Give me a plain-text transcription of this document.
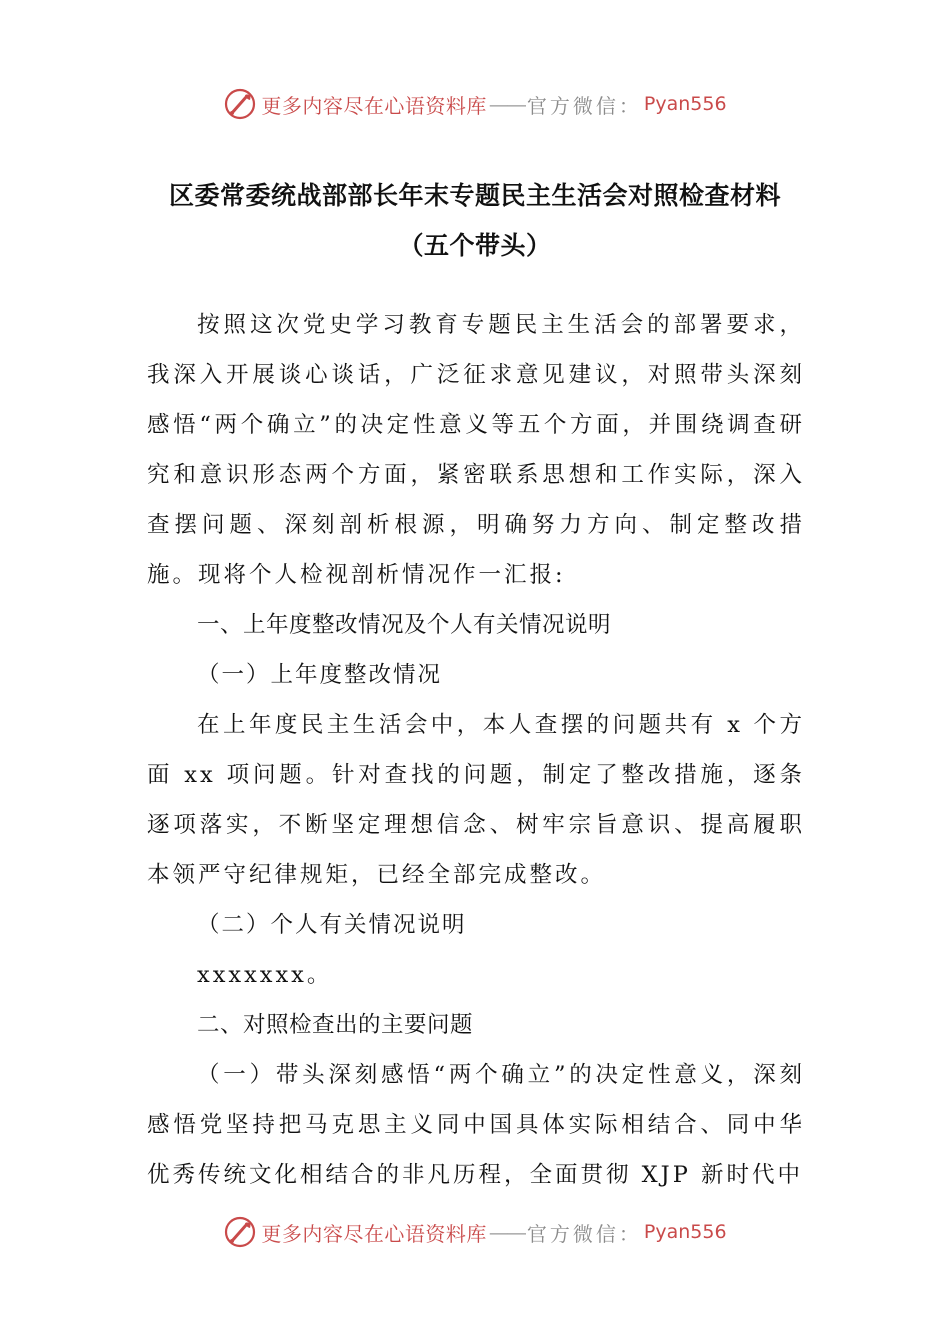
更多内容尽在心语资料库 —— 官方微信： Pyan556
区委常委统战部部长年末专题民主生活会对照检查材料
（五个带头）

按照这次党史学习教育专题民主生活会的部署要求，我深入开展谈心谈话，广泛征求意见建议，对照带头深刻感悟“两个确立”的决定性意义等五个方面，并围绕调查研究和意识形态两个方面，紧密联系思想和工作实际，深入查摆问题、深刻剖析根源，明确努力方向、制定整改措施。现将个人检视剖析情况作一汇报:

一、上年度整改情况及个人有关情况说明

（一）上年度整改情况

在上年度民主生活会中，本人查摆的问题共有 x 个方面 xx 项问题。针对查找的问题，制定了整改措施，逐条逐项落实，不断坚定理想信念、树牢宗旨意识、提高履职本领严守纪律规矩，已经全部完成整改。

（二）个人有关情况说明

xxxxxxx。

二、对照检查出的主要问题

（一）带头深刻感悟“两个确立”的决定性意义，深刻感悟党坚持把马克思主义同中国具体实际相结合、同中华优秀传统文化相结合的非凡历程，全面贯彻 XJP 新时代中

更多内容尽在心语资料库 —— 官方微信： Pyan556
